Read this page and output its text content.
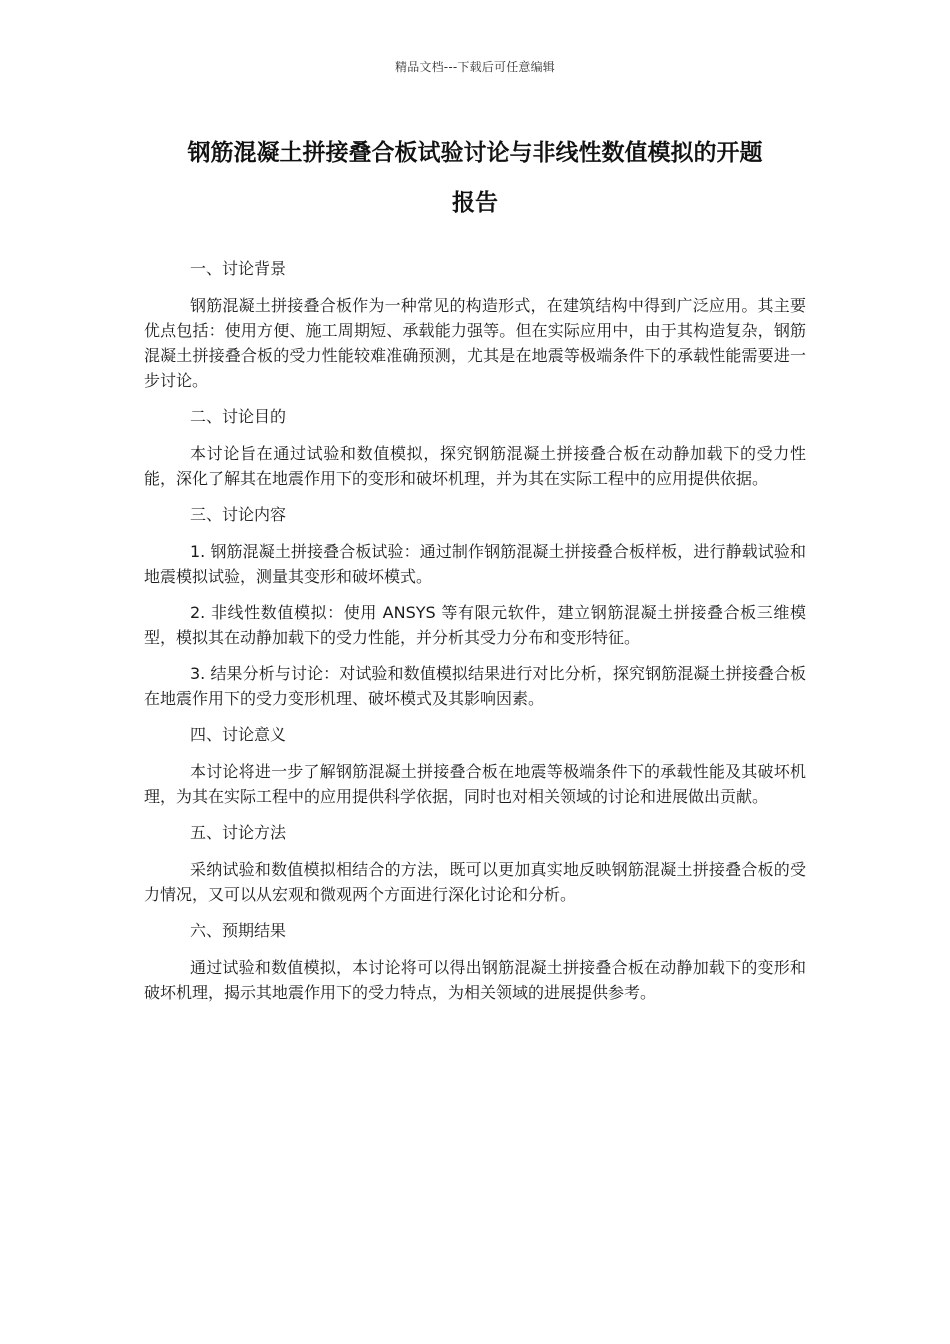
精品文档---下载后可任意编辑
钢筋混凝土拼接叠合板试验讨论与非线性数值模拟的开题
报告
一、讨论背景

钢筋混凝土拼接叠合板作为一种常见的构造形式，在建筑结构中得到广泛应用。其主要优点包括：使用方便、施工周期短、承载能力强等。但在实际应用中，由于其构造复杂，钢筋混凝土拼接叠合板的受力性能较难准确预测，尤其是在地震等极端条件下的承载性能需要进一步讨论。

二、讨论目的

本讨论旨在通过试验和数值模拟，探究钢筋混凝土拼接叠合板在动静加载下的受力性能，深化了解其在地震作用下的变形和破坏机理，并为其在实际工程中的应用提供依据。

三、讨论内容

1. 钢筋混凝土拼接叠合板试验：通过制作钢筋混凝土拼接叠合板样板，进行静载试验和地震模拟试验，测量其变形和破坏模式。

2. 非线性数值模拟：使用 ANSYS 等有限元软件，建立钢筋混凝土拼接叠合板三维模型，模拟其在动静加载下的受力性能，并分析其受力分布和变形特征。

3. 结果分析与讨论：对试验和数值模拟结果进行对比分析，探究钢筋混凝土拼接叠合板在地震作用下的受力变形机理、破坏模式及其影响因素。

四、讨论意义

本讨论将进一步了解钢筋混凝土拼接叠合板在地震等极端条件下的承载性能及其破坏机理，为其在实际工程中的应用提供科学依据，同时也对相关领域的讨论和进展做出贡献。

五、讨论方法

采纳试验和数值模拟相结合的方法，既可以更加真实地反映钢筋混凝土拼接叠合板的受力情况，又可以从宏观和微观两个方面进行深化讨论和分析。

六、预期结果

通过试验和数值模拟，本讨论将可以得出钢筋混凝土拼接叠合板在动静加载下的变形和破坏机理，揭示其地震作用下的受力特点，为相关领域的进展提供参考。
